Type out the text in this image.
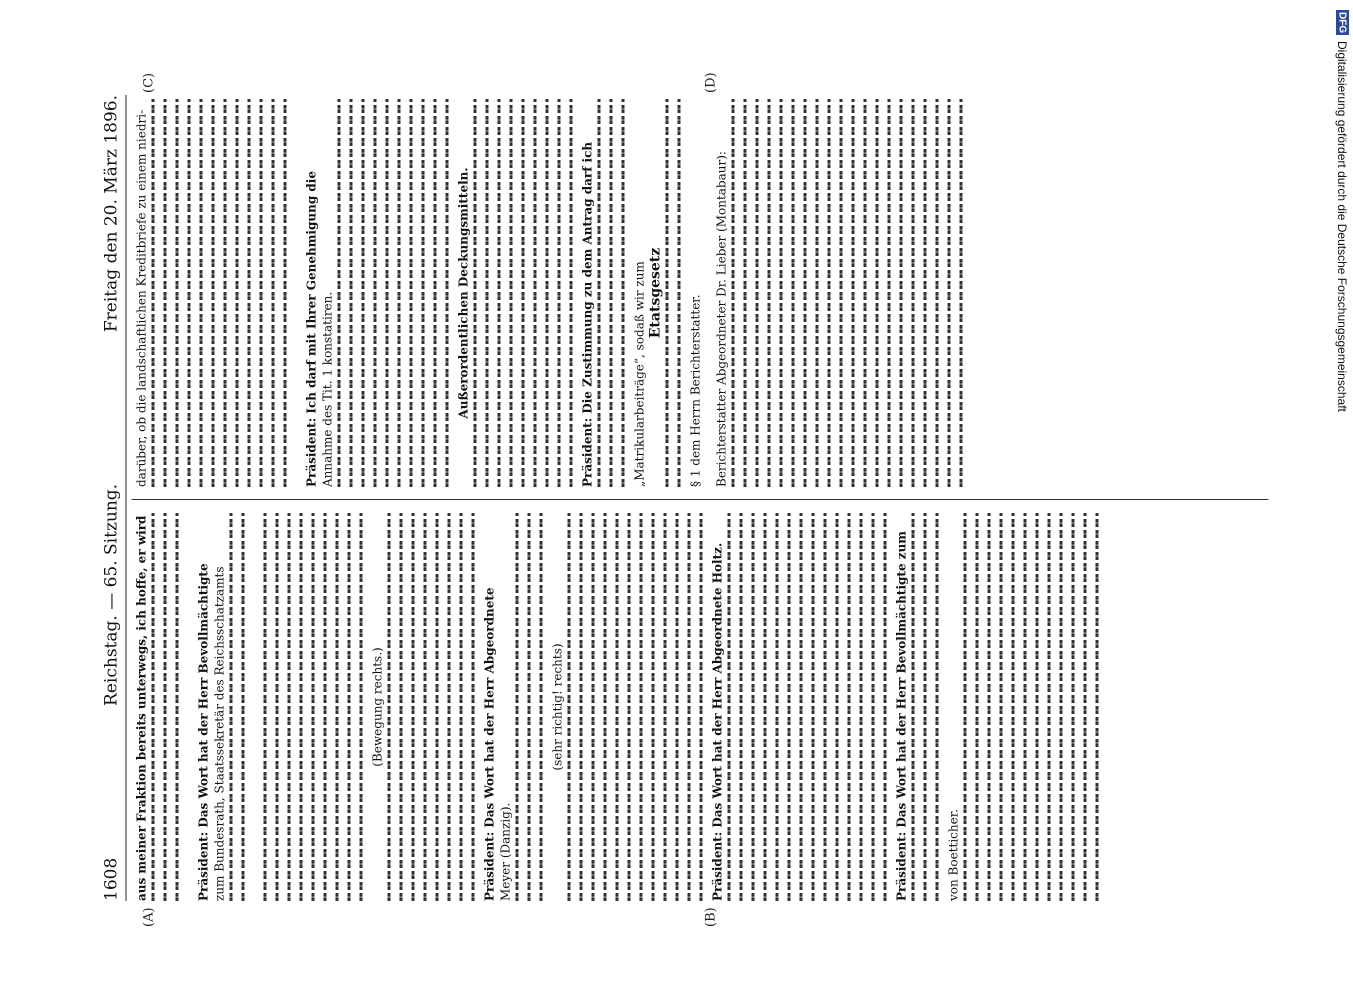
1608
Reichstag. — 65. Sitzung.
Freitag den 20. März 1896.
(A)	(B)
(C)	(D)
aus meiner Fraktion bereits unterwegs, ich hoffe, er wird	Präsident: Das Wort hat der Herr Bevollmächtigte zum Bundesrath, Staatssekretär des Reichsschatzamts	(Bewegung rechts.)	Präsident: Das Wort hat der Herr Abgeordnete Meyer (Danzig).
(sehr richtig! rechts)	Präsident: Das Wort hat der Herr Abgeordnete Holtz.	Präsident: Das Wort hat der Herr Bevollmächtigte zum	von Boetticher.
darüber, ob die landschaftlichen Kreditbriefe zu einem niedri-	Präsident: Ich darf mit Ihrer Genehmigung die Annahme des Tit. 1 konstatiren.	Außerordentlichen Deckungsmitteln.	Präsident: Die Zustimmung zu dem Antrag darf ich	„Matrikularbeiträge“, sodaß wir zum Etatsgesetz
§ 1 dem Herrn Berichterstatter. Berichterstatter Abgeordneter Dr. Lieber (Montabaur):
DFG
Digitalisierung gefördert durch die Deutsche Forschungsgemeinschaft
